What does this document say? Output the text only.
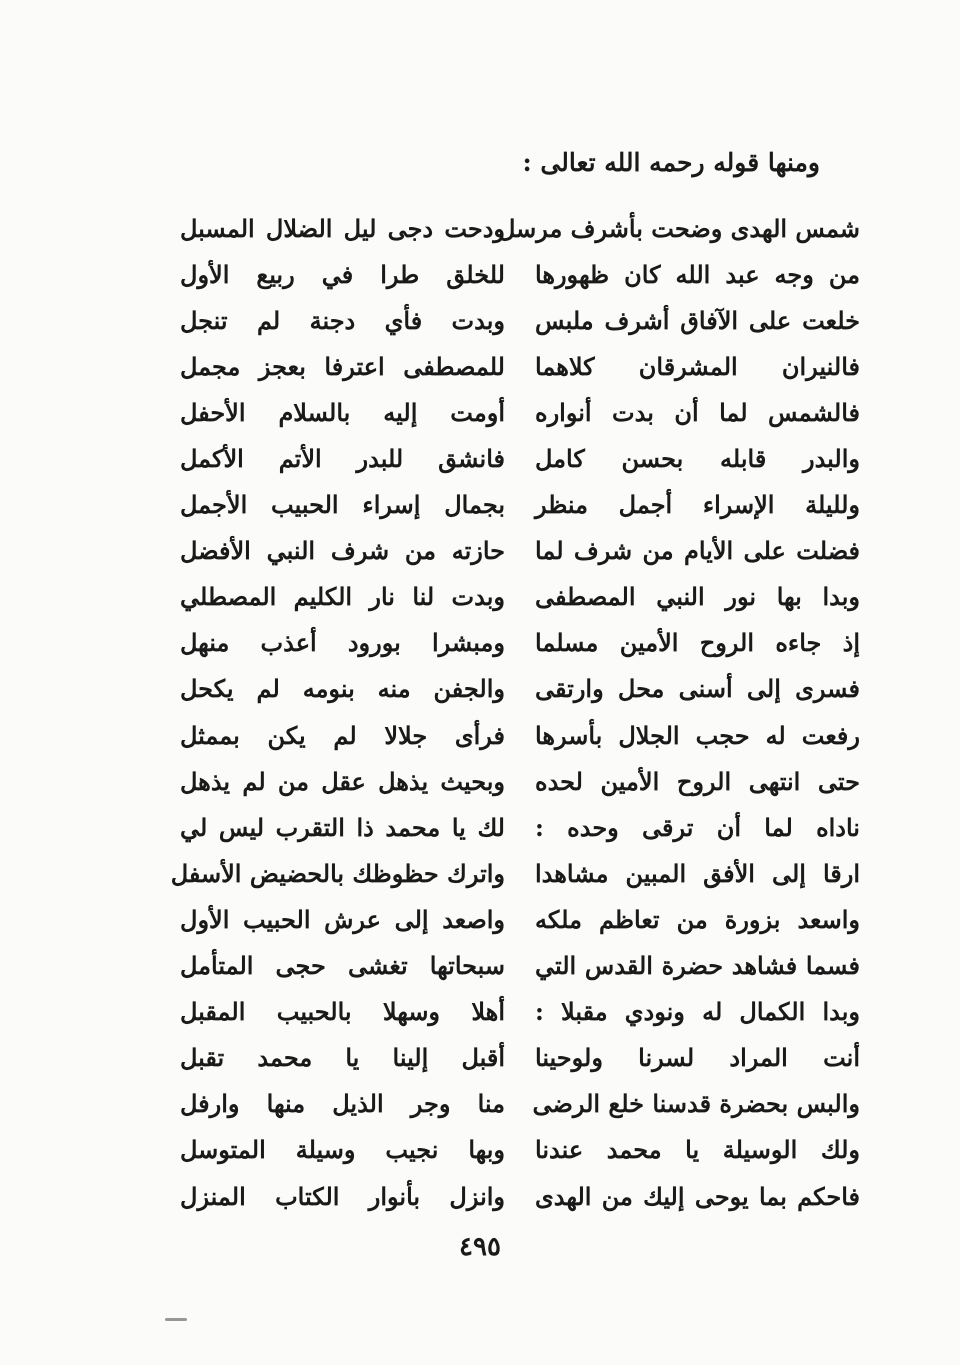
ومنها قوله رحمه الله تعالى :
شمس الهدى وضحت بأشرف مرسل
ودحت دجى ليل الضلال المسبل
من وجه عبد الله كان ظهورها
للخلق طرا في ربيع الأول
خلعت على الآفاق أشرف ملبس
وبدت فأي دجنة لم تنجل
فالنيران المشرقان كلاهما
للمصطفى اعترفا بعجز مجمل
فالشمس لما أن بدت أنواره
أومت إليه بالسلام الأحفل
والبدر قابله بحسن كامل
فانشق للبدر الأتم الأكمل
ولليلة الإسراء أجمل منظر
بجمال إسراء الحبيب الأجمل
فضلت على الأيام من شرف لما
حازته من شرف النبي الأفضل
وبدا بها نور النبي المصطفى
وبدت لنا نار الكليم المصطلي
إذ جاءه الروح الأمين مسلما
ومبشرا بورود أعذب منهل
فسرى إلى أسنى محل وارتقى
والجفن منه بنومه لم يكحل
رفعت له حجب الجلال بأسرها
فرأى جلالا لم يكن بممثل
حتى انتهى الروح الأمين لحده
وبحيث يذهل عقل من لم يذهل
ناداه لما أن ترقى وحده :
لك يا محمد ذا التقرب ليس لي
ارقا إلى الأفق المبين مشاهدا
واترك حظوظك بالحضيض الأسفل
واسعد بزورة من تعاظم ملكه
واصعد إلى عرش الحبيب الأول
فسما فشاهد حضرة القدس التي
سبحاتها تغشى حجى المتأمل
وبدا الكمال له ونودي مقبلا :
أهلا وسهلا بالحبيب المقبل
أنت المراد لسرنا ولوحينا
أقبل إلينا يا محمد تقبل
والبس بحضرة قدسنا خلع الرضى
منا وجر الذيل منها وارفل
ولك الوسيلة يا محمد عندنا
وبها نجيب وسيلة المتوسل
فاحكم بما يوحى إليك من الهدى
وانزل بأنوار الكتاب المنزل
٤٩٥
